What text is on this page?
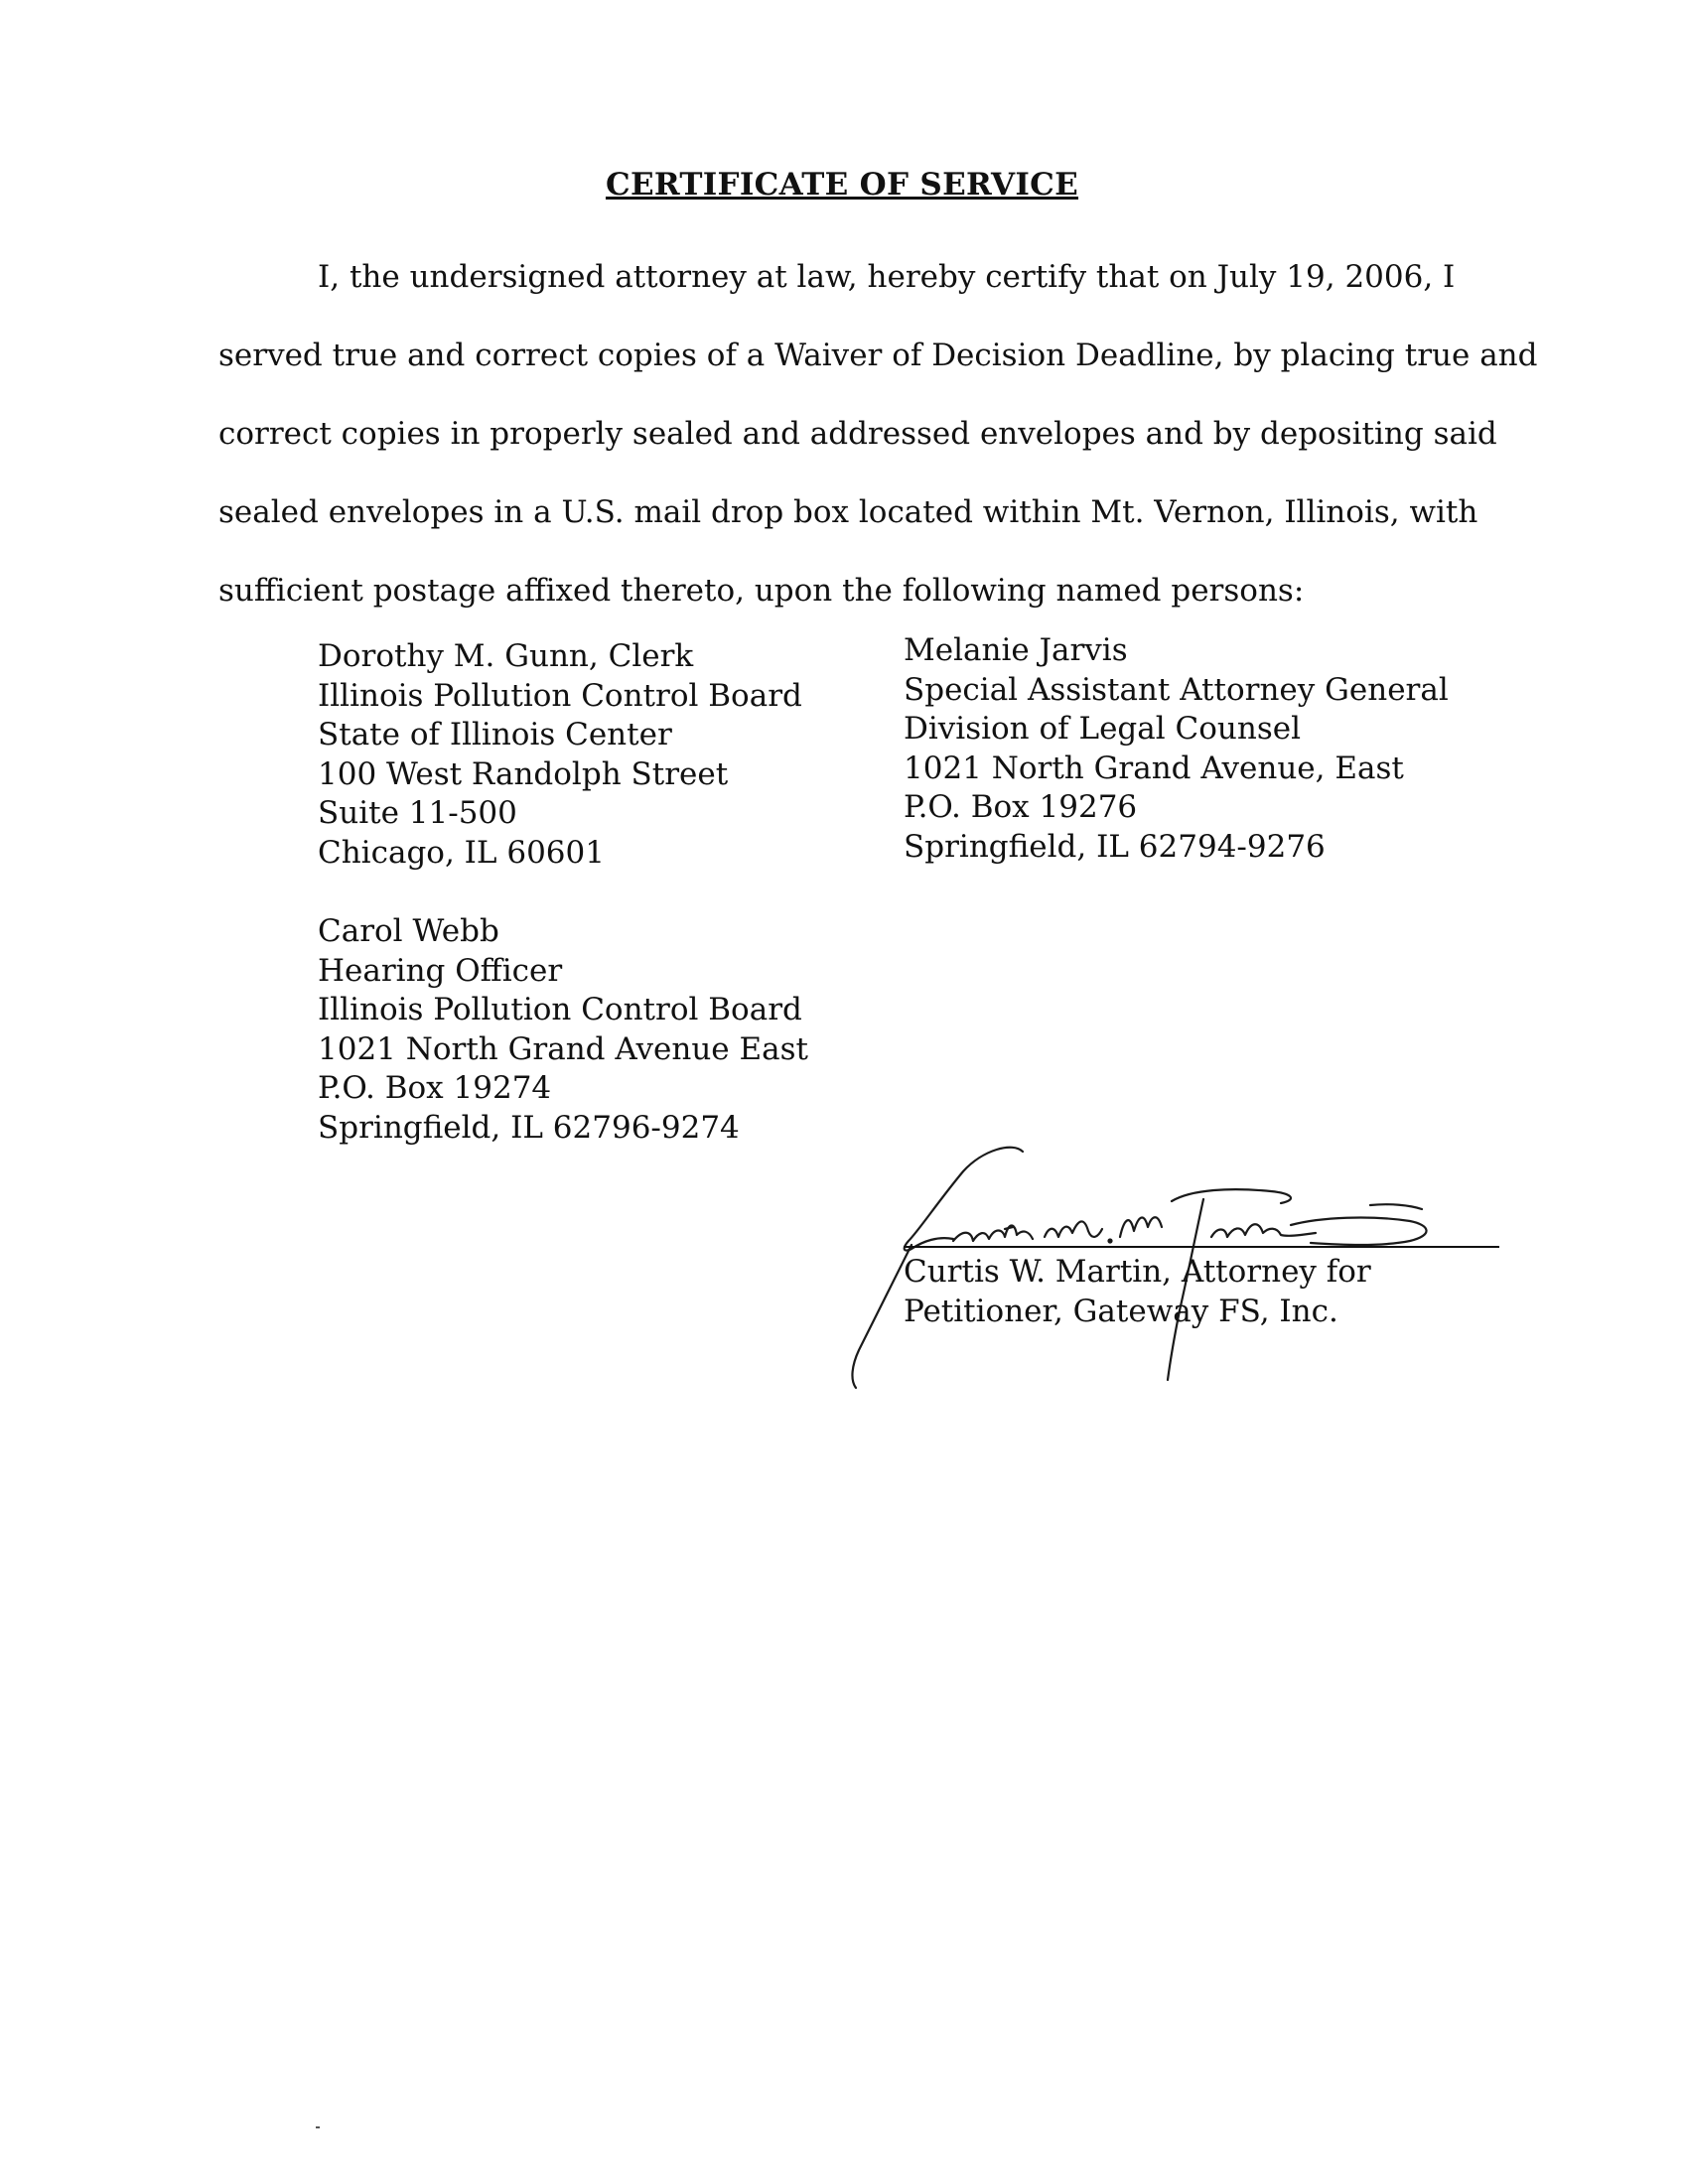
CERTIFICATE OF SERVICE
I, the undersigned attorney at law, hereby certify that on July 19, 2006, I
served true and correct copies of a Waiver of Decision Deadline, by placing true and
correct copies in properly sealed and addressed envelopes and by depositing said
sealed envelopes in a U.S. mail drop box located within Mt. Vernon, Illinois, with
sufficient postage affixed thereto, upon the following named persons:
Dorothy M. Gunn, Clerk
Illinois Pollution Control Board
State of Illinois Center
100 West Randolph Street
Suite 11-500
Chicago, IL 60601
Melanie Jarvis
Special Assistant Attorney General
Division of Legal Counsel
1021 North Grand Avenue, East
P.O. Box 19276
Springfield, IL 62794-9276
Carol Webb
Hearing Officer
Illinois Pollution Control Board
1021 North Grand Avenue East
P.O. Box 19274
Springfield, IL 62796-9274
Curtis W. Martin, Attorney for
Petitioner, Gateway FS, Inc.
